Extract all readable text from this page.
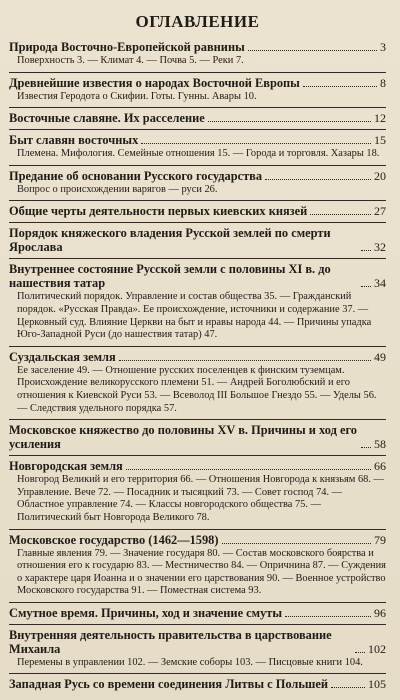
ОГЛАВЛЕНИЕ
Природа Восточно-Европейской равнины	3
Поверхность 3. — Климат 4. — Почва 5. — Реки 7.
Древнейшие известия о народах Восточной Европы	8
Известия Геродота о Скифии. Готы. Гунны. Авары 10.
Восточные славяне. Их расселение	12
Быт славян восточных	15
Племена. Мифология. Семейные отношения 15. — Города и торговля. Хазары 18.
Предание об основании Русского государства	20
Вопрос о происхождении варягов — руси 26.
Общие черты деятельности первых киевских князей	27
Порядок княжеского владения Русской землей по смерти Ярослава	32
Внутреннее состояние Русской земли с половины XI в. до нашествия татар	34
Политический порядок. Управление и состав общества 35. — Гражданский порядок. «Русская Правда». Ее происхождение, источники и содержание 37. — Церковный суд. Влияние Церкви на быт и нравы народа 44. — Причины упадка Юго-Западной Руси (до нашествия татар) 47.
Суздальская земля	49
Ее заселение 49. — Отношение русских поселенцев к финским туземцам. Происхождение великорусского племени 51. — Андрей Боголюбский и его отношения к Киевской Руси 53. — Всеволод III Большое Гнездо 55. — Уделы 56. — Следствия удельного порядка 57.
Московское княжество до половины XV в. Причины и ход его усиления	58
Новгородская земля	66
Новгород Великий и его территория 66. — Отношения Новгорода к князьям 68. — Управление. Вече 72. — Посадник и тысяцкий 73. — Совет господ 74. — Областное управление 74. — Классы новгородского общества 75. — Политический быт Новгорода Великого 78.
Московское государство (1462—1598)	79
Главные явления 79. — Значение государя 80. — Состав московского боярства и отношения его к государю 83. — Местничество 84. — Опричнина 87. — Суждения о характере царя Иоанна и о значении его царствования 90. — Военное устройство Московского государства 91. — Поместная система 93.
Смутное время. Причины, ход и значение смуты	96
Внутренняя деятельность правительства в царствование Михаила	102
Перемены в управлении 102. — Земские соборы 103. — Писцовые книги 104.
Западная Русь со времени соединения Литвы с Польшей	105
